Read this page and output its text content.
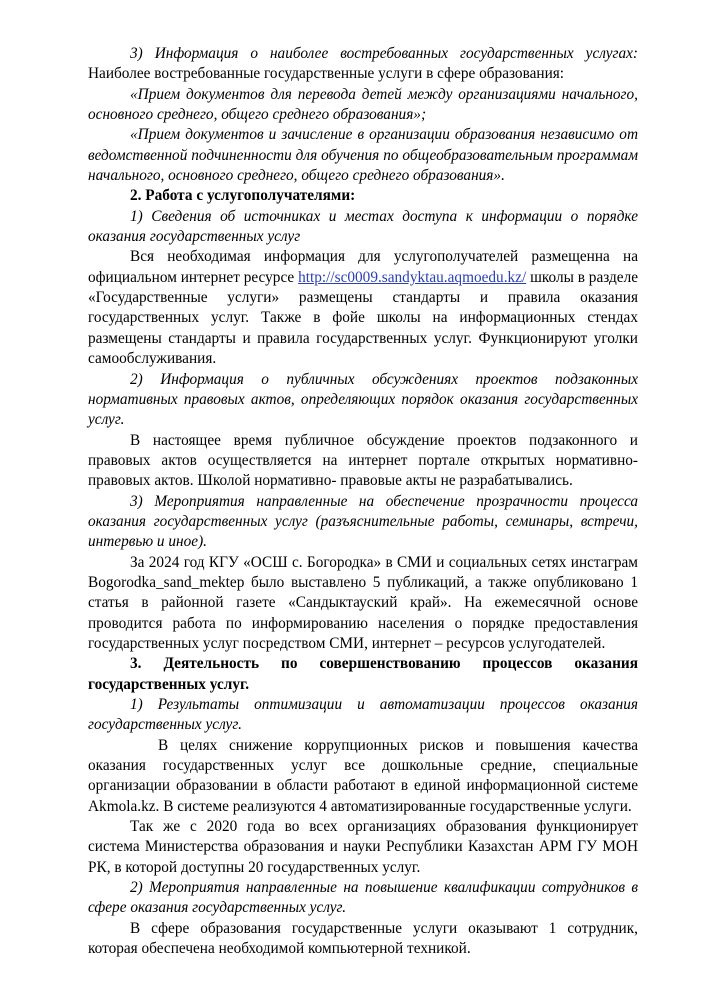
3) Информация о наиболее востребованных государственных услугах: Наиболее востребованные государственные услуги в сфере образования:

«Прием документов для перевода детей между организациями начального, основного среднего, общего среднего образования»;

«Прием документов и зачисление в организации образования независимо от ведомственной подчиненности для обучения по общеобразовательным программам начального, основного среднего, общего среднего образования».

2. Работа с услугополучателями:

1) Сведения об источниках и местах доступа к информации о порядке оказания государственных услуг

Вся необходимая информация для услугополучателей размещенна на официальном интернет ресурсе http://sc0009.sandyktau.aqmoedu.kz/ школы в разделе «Государственные услуги» размещены стандарты и правила оказания государственных услуг. Также в фойе школы на информационных стендах размещены стандарты и правила государственных услуг. Функционируют уголки самообслуживания.

2) Информация о публичных обсуждениях проектов подзаконных нормативных правовых актов, определяющих порядок оказания государственных услуг.

В настоящее время публичное обсуждение проектов подзаконного и правовых актов осуществляется на интернет портале открытых нормативно-правовых актов. Школой нормативно- правовые акты не разрабатывались.

3) Мероприятия направленные на обеспечение прозрачности процесса оказания государственных услуг (разъяснительные работы, семинары, встречи, интервью и иное).

За 2024 год КГУ «ОСШ с. Богородка» в СМИ и социальных сетях инстаграм Bogorodka_sand_mektep было выставлено 5 публикаций, а также опубликовано 1 статья в районной газете «Сандыктауский край». На ежемесячной основе проводится работа по информированию населения о порядке предоставления государственных услуг посредством СМИ, интернет – ресурсов услугодателей.

3. Деятельность по совершенствованию процессов оказания государственных услуг.

1) Результаты оптимизации и автоматизации процессов оказания государственных услуг.

В целях снижение коррупционных рисков и повышения качества оказания государственных услуг все дошкольные средние, специальные организации образовании в области работают в единой информационной системе Akmola.kz. В системе реализуются 4 автоматизированные государственные услуги.

Так же с 2020 года во всех организациях образования функционирует система Министерства образования и науки Республики Казахстан АРМ ГУ МОН РК, в которой доступны 20 государственных услуг.

2) Мероприятия направленные на повышение квалификации сотрудников в сфере оказания государственных услуг.

В сфере образования государственные услуги оказывают 1 сотрудник, которая обеспечена необходимой компьютерной техникой.
